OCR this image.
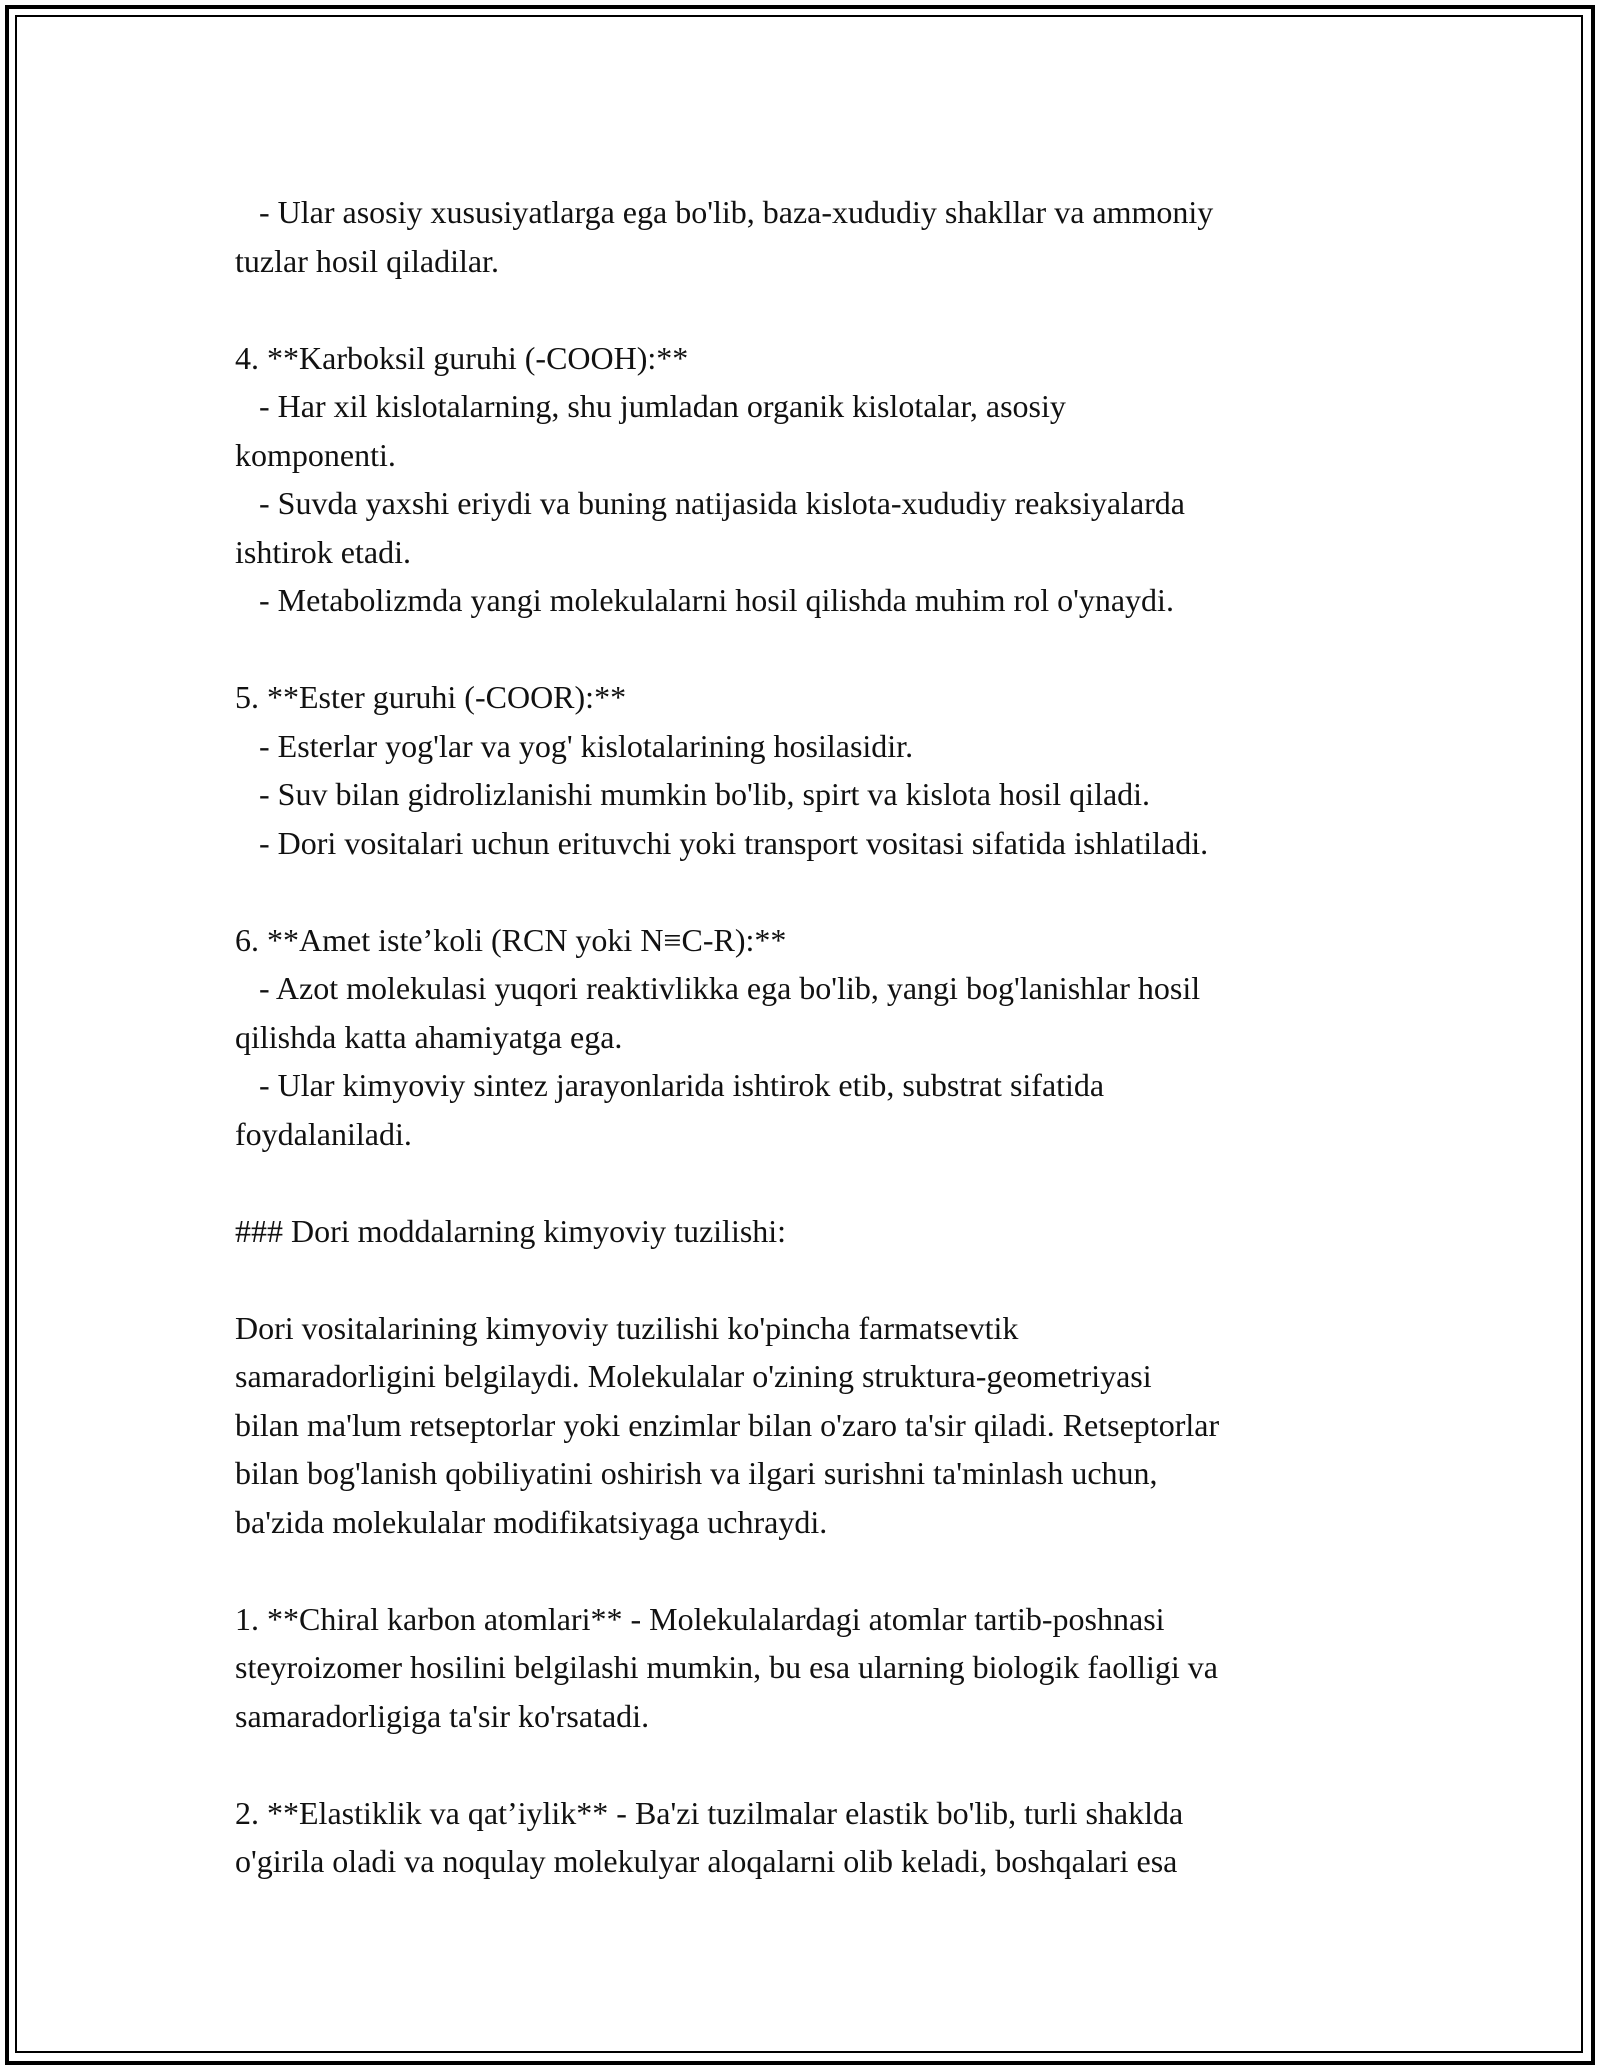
- Ular asosiy xususiyatlarga ega bo'lib, baza-xududiy shakllar va ammoniy
tuzlar hosil qiladilar.
4. **Karboksil guruhi (-COOH):**
- Har xil kislotalarning, shu jumladan organik kislotalar, asosiy
komponenti.
- Suvda yaxshi eriydi va buning natijasida kislota-xududiy reaksiyalarda
ishtirok etadi.
- Metabolizmda yangi molekulalarni hosil qilishda muhim rol o'ynaydi.
5. **Ester guruhi (-COOR):**
- Esterlar yog'lar va yog' kislotalarining hosilasidir.
- Suv bilan gidrolizlanishi mumkin bo'lib, spirt va kislota hosil qiladi.
- Dori vositalari uchun erituvchi yoki transport vositasi sifatida ishlatiladi.
6. **Amet iste’koli (RCN yoki N≡C-R):**
- Azot molekulasi yuqori reaktivlikka ega bo'lib, yangi bog'lanishlar hosil
qilishda katta ahamiyatga ega.
- Ular kimyoviy sintez jarayonlarida ishtirok etib, substrat sifatida
foydalaniladi.
### Dori moddalarning kimyoviy tuzilishi:
Dori vositalarining kimyoviy tuzilishi ko'pincha farmatsevtik
samaradorligini belgilaydi. Molekulalar o'zining struktura-geometriyasi
bilan ma'lum retseptorlar yoki enzimlar bilan o'zaro ta'sir qiladi. Retseptorlar
bilan bog'lanish qobiliyatini oshirish va ilgari surishni ta'minlash uchun,
ba'zida molekulalar modifikatsiyaga uchraydi.
1. **Chiral karbon atomlari** - Molekulalardagi atomlar tartib-poshnasi
steyroizomer hosilini belgilashi mumkin, bu esa ularning biologik faolligi va
samaradorligiga ta'sir ko'rsatadi.
2. **Elastiklik va qat’iylik** - Ba'zi tuzilmalar elastik bo'lib, turli shaklda
o'girila oladi va noqulay molekulyar aloqalarni olib keladi, boshqalari esa
